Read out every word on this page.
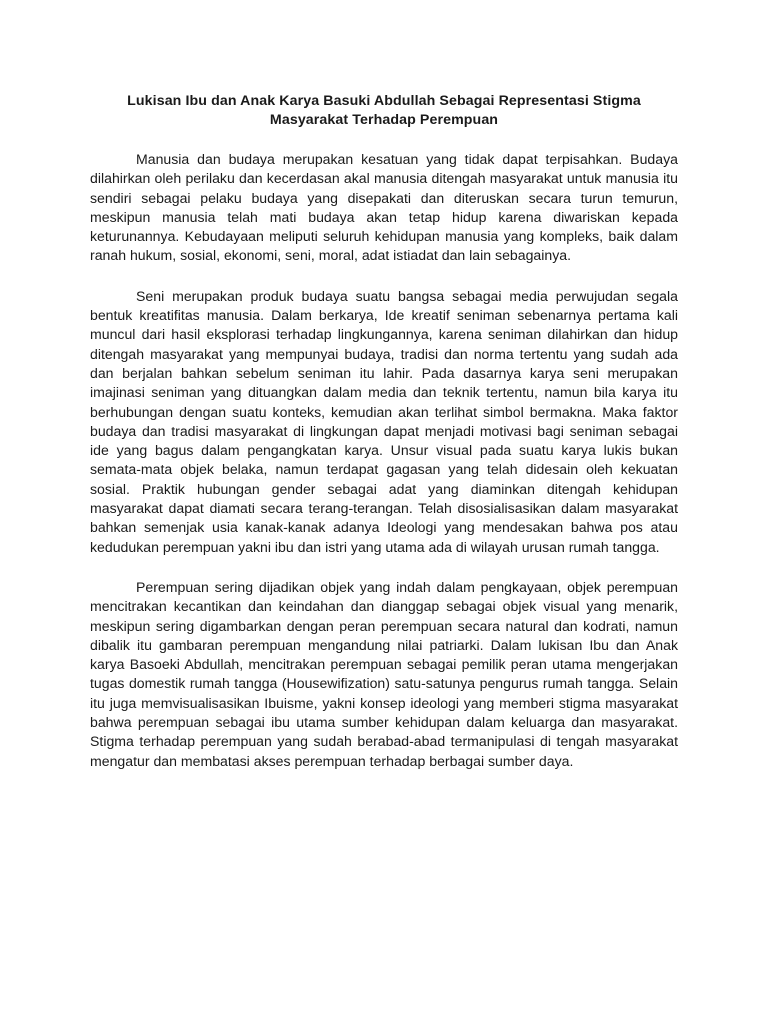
Lukisan Ibu dan Anak Karya Basuki Abdullah Sebagai Representasi Stigma Masyarakat Terhadap Perempuan

Manusia dan budaya merupakan kesatuan yang tidak dapat terpisahkan. Budaya dilahirkan oleh perilaku dan kecerdasan akal manusia ditengah masyarakat untuk manusia itu sendiri sebagai pelaku budaya yang disepakati dan diteruskan secara turun temurun, meskipun manusia telah mati budaya akan tetap hidup karena diwariskan kepada keturunannya. Kebudayaan meliputi seluruh kehidupan manusia yang kompleks, baik dalam ranah hukum, sosial, ekonomi, seni, moral, adat istiadat dan lain sebagainya.

Seni merupakan produk budaya suatu bangsa sebagai media perwujudan segala bentuk kreatifitas manusia. Dalam berkarya, Ide kreatif seniman sebenarnya pertama kali muncul dari hasil eksplorasi terhadap lingkungannya, karena seniman dilahirkan dan hidup ditengah masyarakat yang mempunyai budaya, tradisi dan norma tertentu yang sudah ada dan berjalan bahkan sebelum seniman itu lahir. Pada dasarnya karya seni merupakan imajinasi seniman yang dituangkan dalam media dan teknik tertentu, namun bila karya itu berhubungan dengan suatu konteks, kemudian akan terlihat simbol bermakna. Maka faktor budaya dan tradisi masyarakat di lingkungan dapat menjadi motivasi bagi seniman sebagai ide yang bagus dalam pengangkatan karya. Unsur visual pada suatu karya lukis bukan semata-mata objek belaka, namun terdapat gagasan yang telah didesain oleh kekuatan sosial. Praktik hubungan gender sebagai adat yang diaminkan ditengah kehidupan masyarakat dapat diamati secara terang-terangan. Telah disosialisasikan dalam masyarakat bahkan semenjak usia kanak-kanak adanya Ideologi yang mendesakan bahwa pos atau kedudukan perempuan yakni ibu dan istri yang utama ada di wilayah urusan rumah tangga.

Perempuan sering dijadikan objek yang indah dalam pengkayaan, objek perempuan mencitrakan kecantikan dan keindahan dan dianggap sebagai objek visual yang menarik, meskipun sering digambarkan dengan peran perempuan secara natural dan kodrati, namun dibalik itu gambaran perempuan mengandung nilai patriarki. Dalam lukisan Ibu dan Anak karya Basoeki Abdullah, mencitrakan perempuan sebagai pemilik peran utama mengerjakan tugas domestik rumah tangga (Housewifization) satu-satunya pengurus rumah tangga. Selain itu juga memvisualisasikan Ibuisme, yakni konsep ideologi yang memberi stigma masyarakat bahwa perempuan sebagai ibu utama sumber kehidupan dalam keluarga dan masyarakat. Stigma terhadap perempuan yang sudah berabad-abad termanipulasi di tengah masyarakat mengatur dan membatasi akses perempuan terhadap berbagai sumber daya.
